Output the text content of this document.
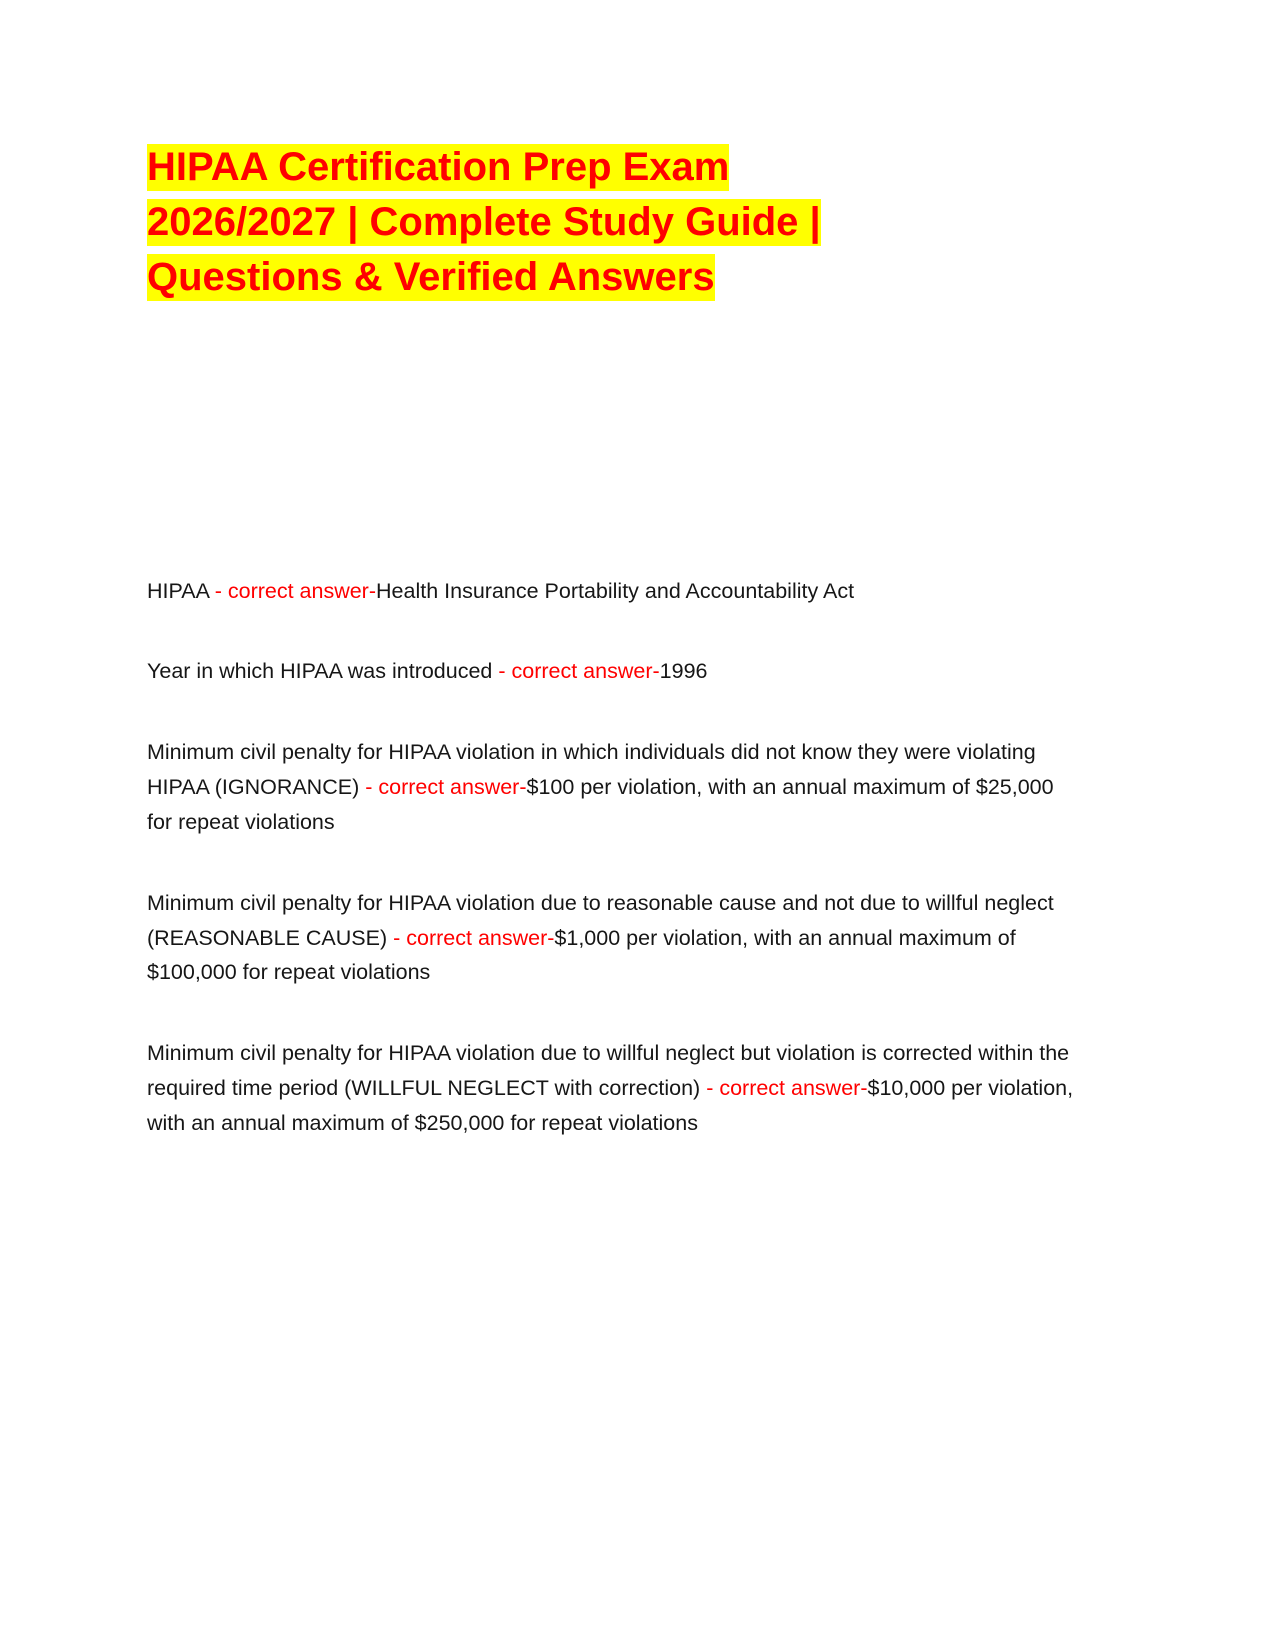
HIPAA Certification Prep Exam
2026/2027 | Complete Study Guide |
Questions & Verified Answers

HIPAA - correct answer-Health Insurance Portability and Accountability Act

Year in which HIPAA was introduced - correct answer-1996

Minimum civil penalty for HIPAA violation in which individuals did not know they were violating HIPAA (IGNORANCE) - correct answer-$100 per violation, with an annual maximum of $25,000 for repeat violations

Minimum civil penalty for HIPAA violation due to reasonable cause and not due to willful neglect (REASONABLE CAUSE) - correct answer-$1,000 per violation, with an annual maximum of $100,000 for repeat violations

Minimum civil penalty for HIPAA violation due to willful neglect but violation is corrected within the required time period (WILLFUL NEGLECT with correction) - correct answer-$10,000 per violation, with an annual maximum of $250,000 for repeat violations
